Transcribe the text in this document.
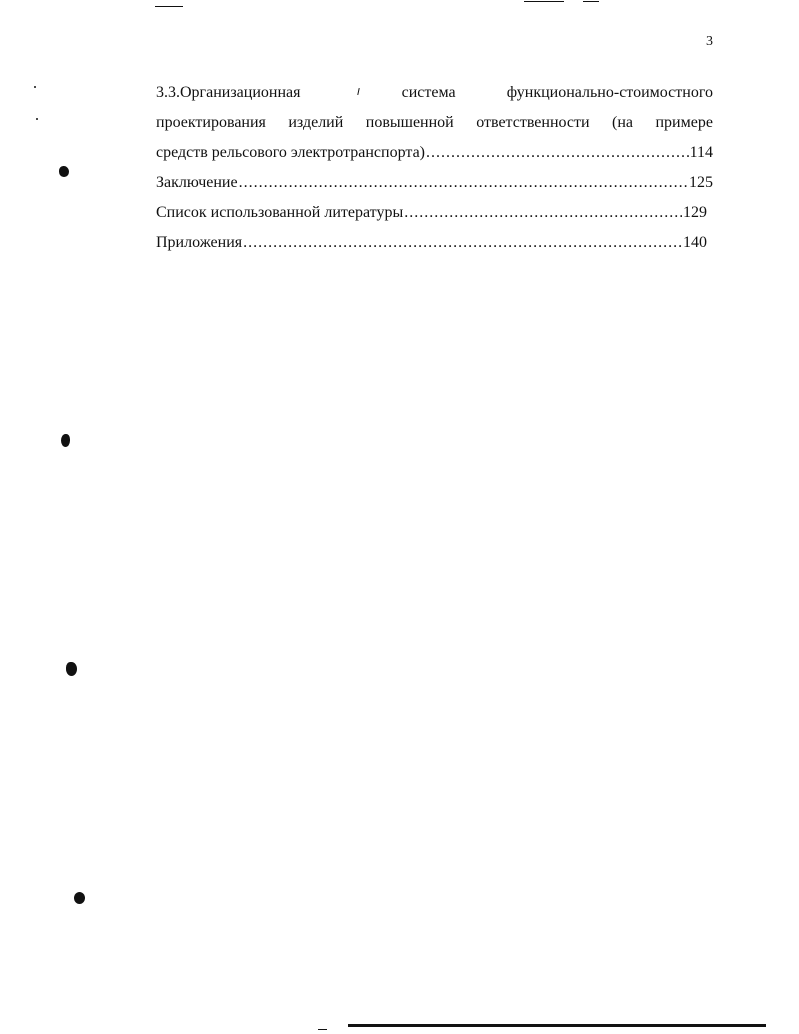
3
3.3.Организационная	система	функционально-стоимостного
проектирования изделий повышенной ответственности (на примере
средств рельсового электротранспорта) .....	114
Заключение .....	125
Список использованной литературы .....	129
Приложения .....	140
